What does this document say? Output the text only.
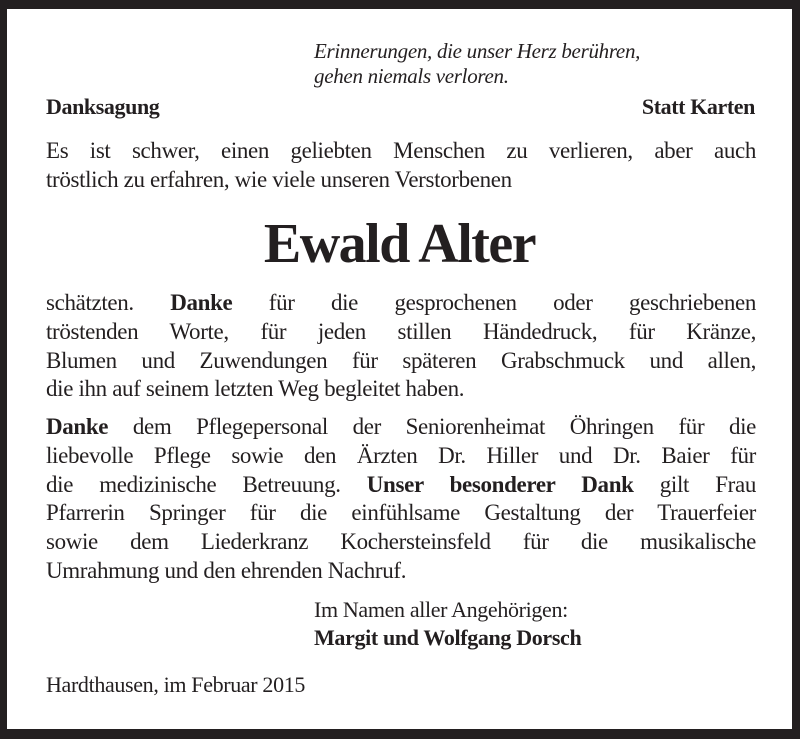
Erinnerungen, die unser Herz berühren,
gehen niemals verloren.
Danksagung	Statt Karten
Es ist schwer, einen geliebten Menschen zu verlieren, aber auch
tröstlich zu erfahren, wie viele unseren Verstorbenen
Ewald Alter
schätzten. Danke für die gesprochenen oder geschriebenen
tröstenden Worte, für jeden stillen Händedruck, für Kränze,
Blumen und Zuwendungen für späteren Grabschmuck und allen,
die ihn auf seinem letzten Weg begleitet haben.
Danke dem Pflegepersonal der Seniorenheimat Öhringen für die
liebevolle Pflege sowie den Ärzten Dr. Hiller und Dr. Baier für
die medizinische Betreuung. Unser besonderer Dank gilt Frau
Pfarrerin Springer für die einfühlsame Gestaltung der Trauerfeier
sowie dem Liederkranz Kochersteinsfeld für die musikalische
Umrahmung und den ehrenden Nachruf.
Im Namen aller Angehörigen:
Margit und Wolfgang Dorsch
Hardthausen, im Februar 2015
